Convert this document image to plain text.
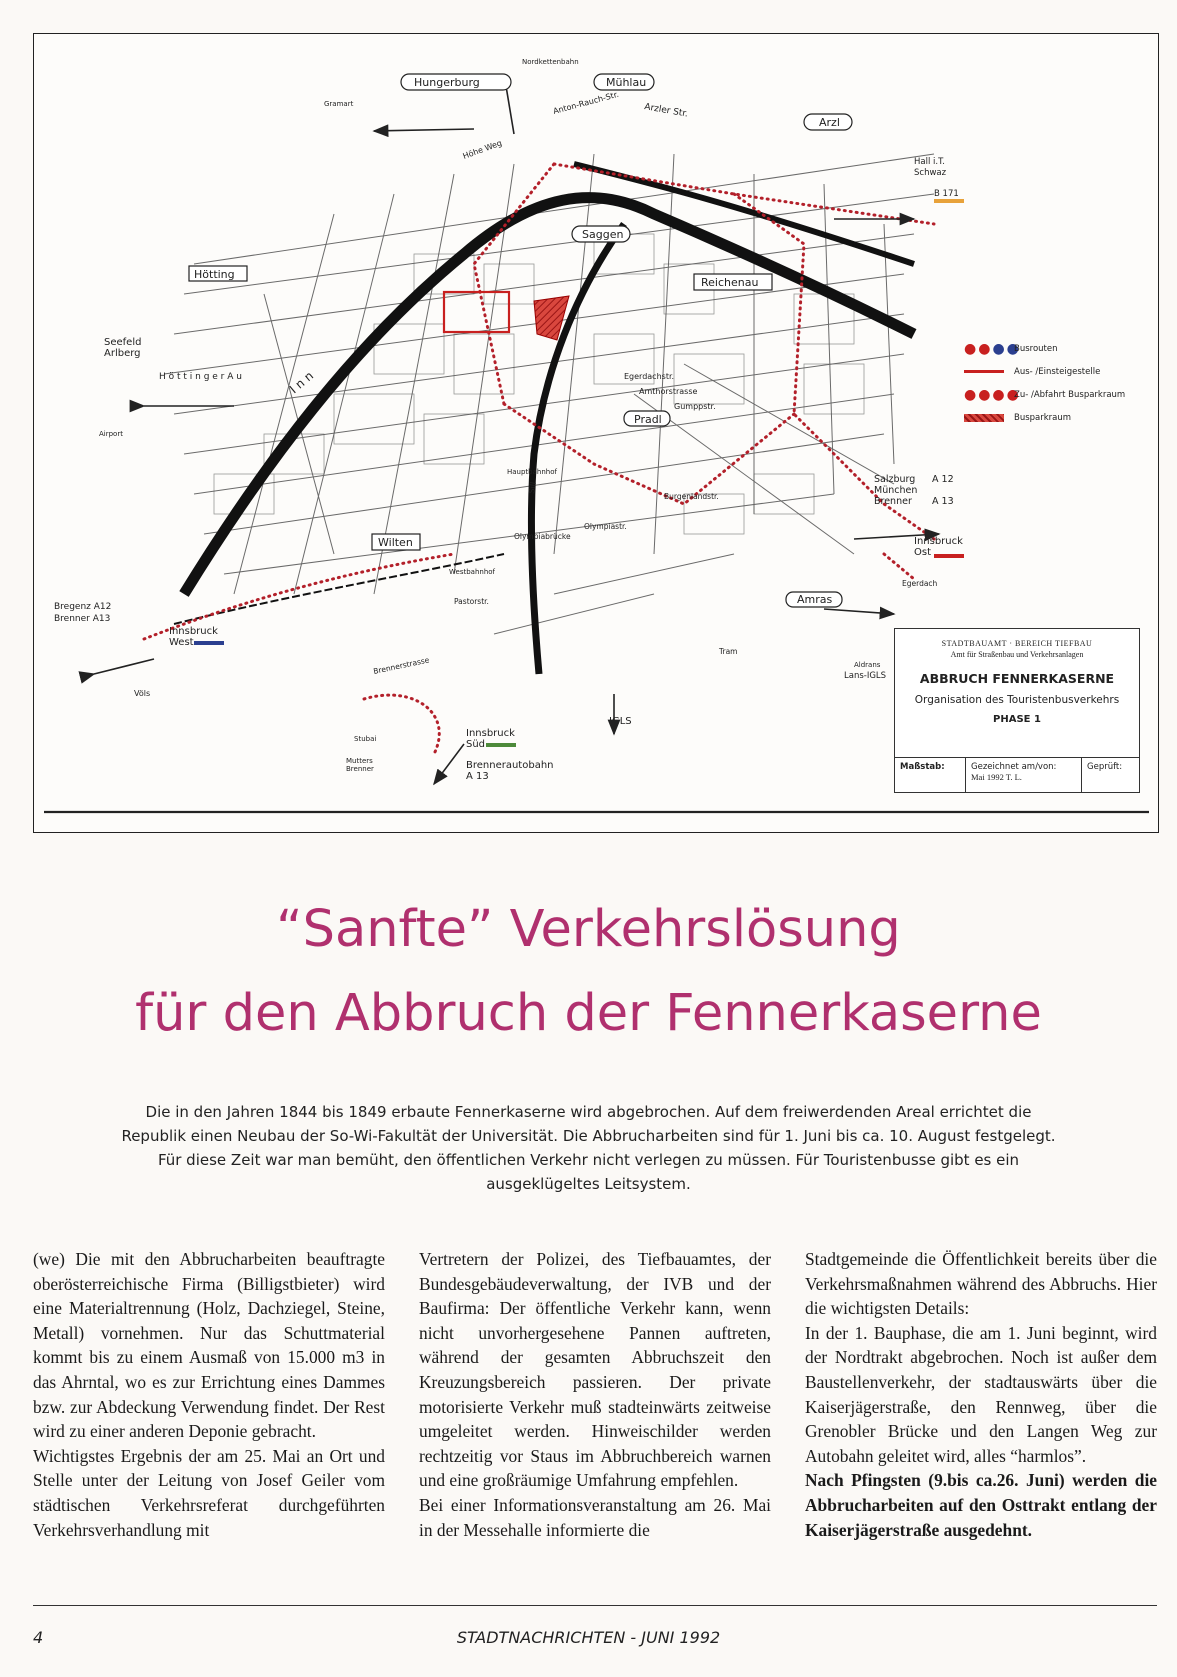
Nordkettenbahn
Hungerburg	Mühlau
Gramart	Anton-Rauch-Str.	Arzler Str.
Arzl
Hall i.T.
Schwaz
B 171
Hötting
Saggen
Reichenau
Seefeld
Arlberg
H ö t t i n g e r A u	I n n
Airport
Pradl
Egerdachstr.
Amthorstrasse
Gumppstr.
Wilten
Westbahnhof
Hauptbahnhof
Olympiabrücke
Olympiastr.
Burgenlandstr.
Sill
Pastorstr.
Höhe Weg
Brennerstrasse
Salzburg A 12
München
Brenner A 13
Innsbruck
Ost
Egerdach
Amras
Bregenz A12
Brenner A13
Innsbruck
West
Völs
Stubai
Mutters
Brenner
Innsbruck
Süd
Brennerautobahn
A 13
IGLS
Aldrans
Lans-IGLS
Tram
●● ●●
Busrouten
Aus- /Einsteigestelle
●●●●
Zu- /Abfahrt Busparkraum
Busparkraum
STADTBAUAMT · BEREICH TIEFBAU
Amt für Straßenbau und Verkehrsanlagen
ABBRUCH FENNERKASERNE
Organisation des Touristenbusverkehrs
PHASE 1
Maßstab:	Gezeichnet am/von:
Mai 1992 T. L.
Geprüft:
“Sanfte” Verkehrslösung
für den Abbruch der Fennerkaserne
Die in den Jahren 1844 bis 1849 erbaute Fennerkaserne wird abgebrochen. Auf dem freiwerdenden Areal errichtet die Republik einen Neubau der So-Wi-Fakultät der Universität. Die Abbrucharbeiten sind für 1. Juni bis ca. 10. August festgelegt. Für diese Zeit war man bemüht, den öffentlichen Verkehr nicht verlegen zu müssen. Für Touristenbusse gibt es ein ausgeklügeltes Leitsystem.

(we) Die mit den Abbrucharbeiten beauftragte oberösterreichische Firma (Billigstbieter) wird eine Materialtrennung (Holz, Dachziegel, Steine, Metall) vornehmen. Nur das Schuttmaterial kommt bis zu einem Ausmaß von 15.000 m3 in das Ahrntal, wo es zur Errichtung eines Dammes bzw. zur Abdeckung Verwendung findet. Der Rest wird zu einer anderen Deponie gebracht.

Wichtigstes Ergebnis der am 25. Mai an Ort und Stelle unter der Leitung von Josef Geiler vom städtischen Verkehrsreferat durchgeführten Verkehrsverhandlung mit

Vertretern der Polizei, des Tiefbauamtes, der Bundesgebäudeverwaltung, der IVB und der Baufirma: Der öffentliche Verkehr kann, wenn nicht unvorhergesehene Pannen auftreten, während der gesamten Abbruchszeit den Kreuzungsbereich passieren. Der private motorisierte Verkehr muß stadteinwärts zeitweise umgeleitet werden. Hinweischilder werden rechtzeitig vor Staus im Abbruchbereich warnen und eine großräumige Umfahrung empfehlen.

Bei einer Informationsveranstaltung am 26. Mai in der Messehalle informierte die

Stadtgemeinde die Öffentlichkeit bereits über die Verkehrsmaßnahmen während des Abbruchs. Hier die wichtigsten Details:

In der 1. Bauphase, die am 1. Juni beginnt, wird der Nordtrakt abgebrochen. Noch ist außer dem Baustellenverkehr, der stadtauswärts über die Kaiserjägerstraße, den Rennweg, über die Grenobler Brücke und den Langen Weg zur Autobahn geleitet wird, alles “harmlos”.

Nach Pfingsten (9.bis ca.26. Juni) werden die Abbrucharbeiten auf den Osttrakt entlang der Kaiserjägerstraße ausgedehnt.

4	STADTNACHRICHTEN - JUNI 1992
